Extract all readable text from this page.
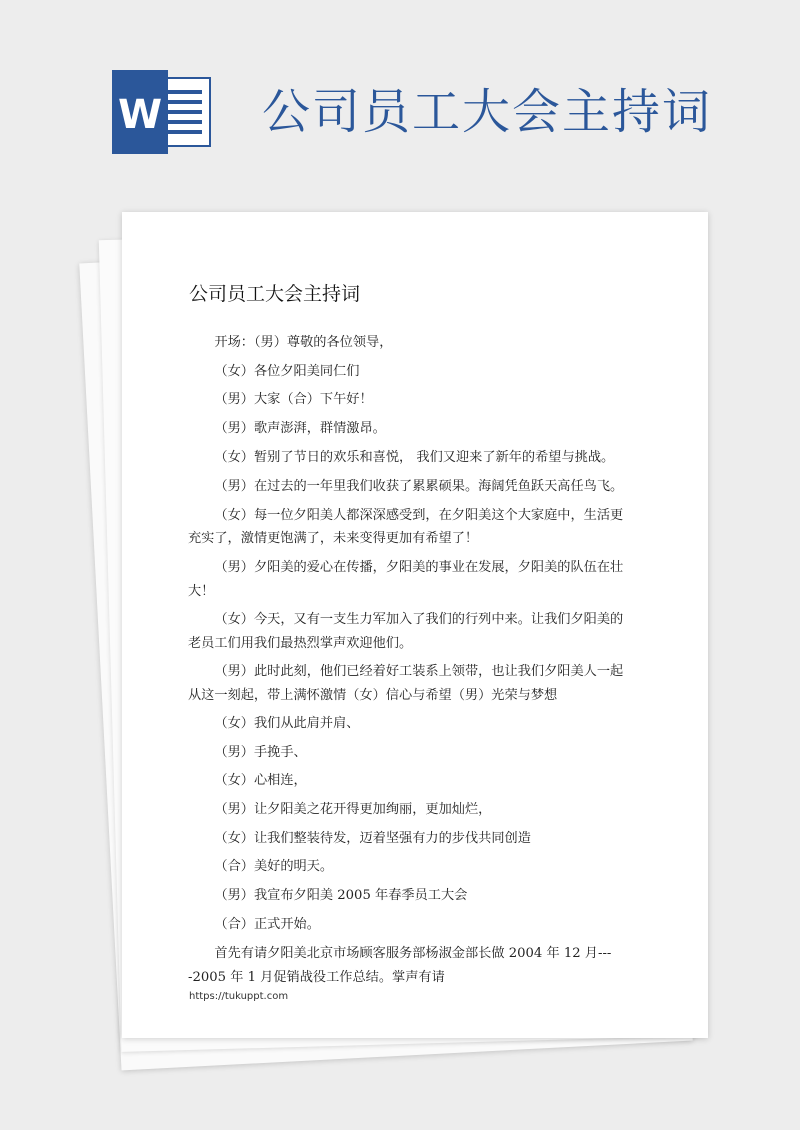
W 公司员工大会主持词
公司员工大会主持词

开场：（男）尊敬的各位领导，

（女）各位夕阳美同仁们

（男）大家（合）下午好！

（男）歌声澎湃，群情激昂。

（女）暂别了节日的欢乐和喜悦， 我们又迎来了新年的希望与挑战。

（男）在过去的一年里我们收获了累累硕果。海阔凭鱼跃天高任鸟飞。

（女）每一位夕阳美人都深深感受到，在夕阳美这个大家庭中，生活更充实了，激情更饱满了，未来变得更加有希望了！

（男）夕阳美的爱心在传播，夕阳美的事业在发展，夕阳美的队伍在壮大！

（女）今天，又有一支生力军加入了我们的行列中来。让我们夕阳美的老员工们用我们最热烈掌声欢迎他们。

（男）此时此刻，他们已经着好工装系上领带，也让我们夕阳美人一起从这一刻起，带上满怀激情（女）信心与希望（男）光荣与梦想

（女）我们从此肩并肩、

（男）手挽手、

（女）心相连，

（男）让夕阳美之花开得更加绚丽，更加灿烂，

（女）让我们整装待发，迈着坚强有力的步伐共同创造

（合）美好的明天。

（男）我宣布夕阳美 2005 年春季员工大会

（合）正式开始。

首先有请夕阳美北京市场顾客服务部杨淑金部长做 2004 年 12 月----2005 年 1 月促销战役工作总结。掌声有请

https://tukuppt.com
